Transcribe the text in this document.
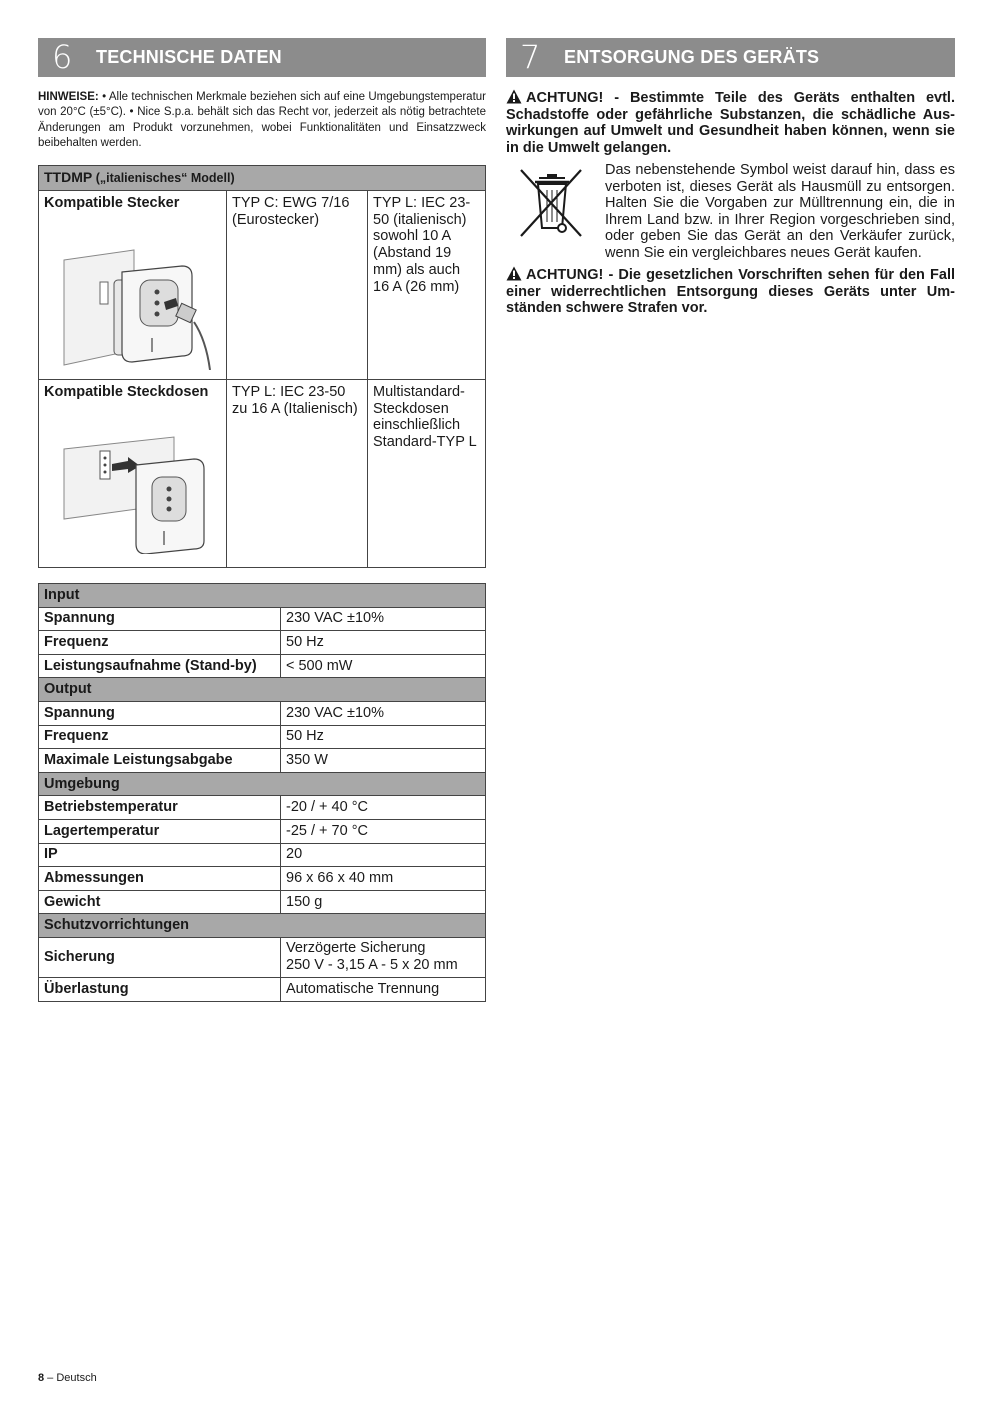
6	TECHNISCHE DATEN	7	ENTSORGUNG DES GERÄTS

HINWEISE: • Alle technischen Merkmale beziehen sich auf eine Umgebungstemperatur von 20°C (±5°C). • Nice S.p.a. behält sich das Recht vor, jederzeit als nötig betrachtete Änderungen am Produkt vorzunehmen, wobei Funktionalitäten und Einsatzzweck beibehalten werden.

TTDMP („italienisches“ Modell)		

Kompatible Stecker	TYP C: EWG 7/16 (Eurostecker)	TYP L: IEC 23-50 (italienisch) sowohl 10 A (Abstand 19 mm) als auch 16 A (26 mm)

Kompatible Steckdosen	TYP L: IEC 23-50 zu 16 A (Italienisch)	Multistandard-Steckdosen einschließlich Standard-TYP L
Input	
Spannung	230 VAC ±10%
Frequenz	50 Hz
Leistungsaufnahme (Stand-by)	< 500 mW
Output	
Spannung	230 VAC ±10%
Frequenz	50 Hz
Maximale Leistungsabgabe	350 W
Umgebung	
Betriebstemperatur	-20 / + 40 °C
Lagertemperatur	-25 / + 70 °C
IP	20
Abmessungen	96 x 66 x 40 mm
Gewicht	150 g
Schutzvorrichtungen	
Sicherung	Verzögerte Sicherung
250 V - 3,15 A - 5 x 20 mm

Überlastung	Automatische Trennung

ACHTUNG! - Bestimmte Teile des Geräts enthalten evtl. Schadstoffe oder gefährliche Substanzen, die schädliche Auswirkungen auf Umwelt und Gesundheit haben können, wenn sie in die Umwelt gelangen.

Das nebenstehende Symbol weist darauf hin, dass es verboten ist, dieses Gerät als Hausmüll zu entsorgen. Halten Sie die Vorgaben zur Mülltrennung ein, die in Ihrem Land bzw. in Ihrer Region vorgeschrieben sind, oder geben Sie das Gerät an den Verkäufer zurück, wenn Sie ein vergleichbares neues Gerät kaufen.

ACHTUNG! - Die gesetzlichen Vorschriften sehen für den Fall einer widerrechtlichen Entsorgung dieses Geräts unter Umständen schwere Strafen vor.

8 – Deutsch
